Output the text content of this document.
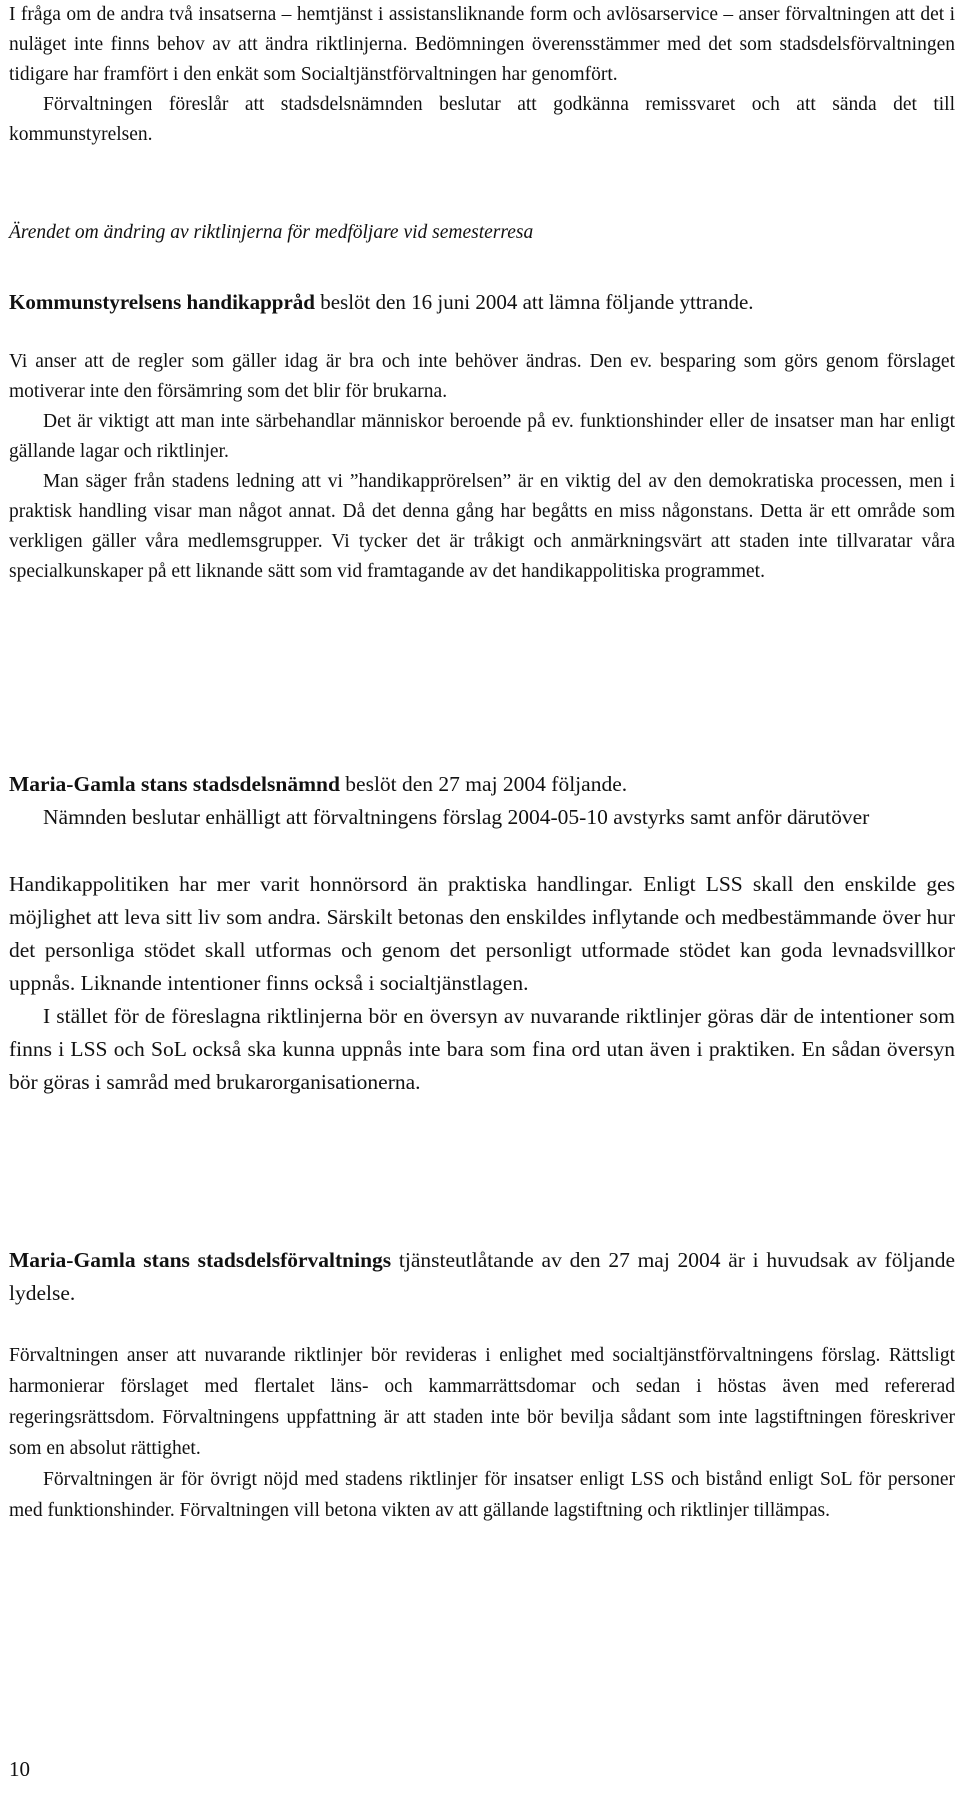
I fråga om de andra två insatserna – hemtjänst i assistansliknande form och avlösarservice – anser förvaltningen att det i nuläget inte finns behov av att ändra riktlinjerna. Bedömningen överensstämmer med det som stadsdelsförvaltningen tidigare har framfört i den enkät som Socialtjänstförvaltningen har genomfört.

Förvaltningen föreslår att stadsdelsnämnden beslutar att godkänna remissvaret och att sända det till kommunstyrelsen.

Ärendet om ändring av riktlinjerna för medföljare vid semesterresa

Kommunstyrelsens handikappråd beslöt den 16 juni 2004 att lämna följande yttrande.

Vi anser att de regler som gäller idag är bra och inte behöver ändras. Den ev. besparing som görs genom förslaget motiverar inte den försämring som det blir för brukarna.

Det är viktigt att man inte särbehandlar människor beroende på ev. funktionshinder eller de insatser man har enligt gällande lagar och riktlinjer.

Man säger från stadens ledning att vi ”handikapprörelsen” är en viktig del av den demokratiska processen, men i praktisk handling visar man något annat. Då det denna gång har begåtts en miss någonstans. Detta är ett område som verkligen gäller våra medlemsgrupper. Vi tycker det är tråkigt och anmärkningsvärt att staden inte tillvaratar våra specialkunskaper på ett liknande sätt som vid framtagande av det handikappolitiska programmet.

Maria-Gamla stans stadsdelsnämnd beslöt den 27 maj 2004 följande.

Nämnden beslutar enhälligt att förvaltningens förslag 2004-05-10 avstyrks samt anför därutöver

Handikappolitiken har mer varit honnörsord än praktiska handlingar. Enligt LSS skall den enskilde ges möjlighet att leva sitt liv som andra. Särskilt betonas den enskildes inflytande och medbestämmande över hur det personliga stödet skall utformas och genom det personligt utformade stödet kan goda levnadsvillkor uppnås. Liknande intentioner finns också i socialtjänstlagen.

I stället för de föreslagna riktlinjerna bör en översyn av nuvarande riktlinjer göras där de intentioner som finns i LSS och SoL också ska kunna uppnås inte bara som fina ord utan även i praktiken. En sådan översyn bör göras i samråd med brukarorganisationerna.

Maria-Gamla stans stadsdelsförvaltnings tjänsteutlåtande av den 27 maj 2004 är i huvudsak av följande lydelse.

Förvaltningen anser att nuvarande riktlinjer bör revideras i enlighet med socialtjänstförvaltningens förslag. Rättsligt harmonierar förslaget med flertalet läns- och kammarrättsdomar och sedan i höstas även med refererad regeringsrättsdom. Förvaltningens uppfattning är att staden inte bör bevilja sådant som inte lagstiftningen föreskriver som en absolut rättighet.

Förvaltningen är för övrigt nöjd med stadens riktlinjer för insatser enligt LSS och bistånd enligt SoL för personer med funktionshinder. Förvaltningen vill betona vikten av att gällande lagstiftning och riktlinjer tillämpas.

10
